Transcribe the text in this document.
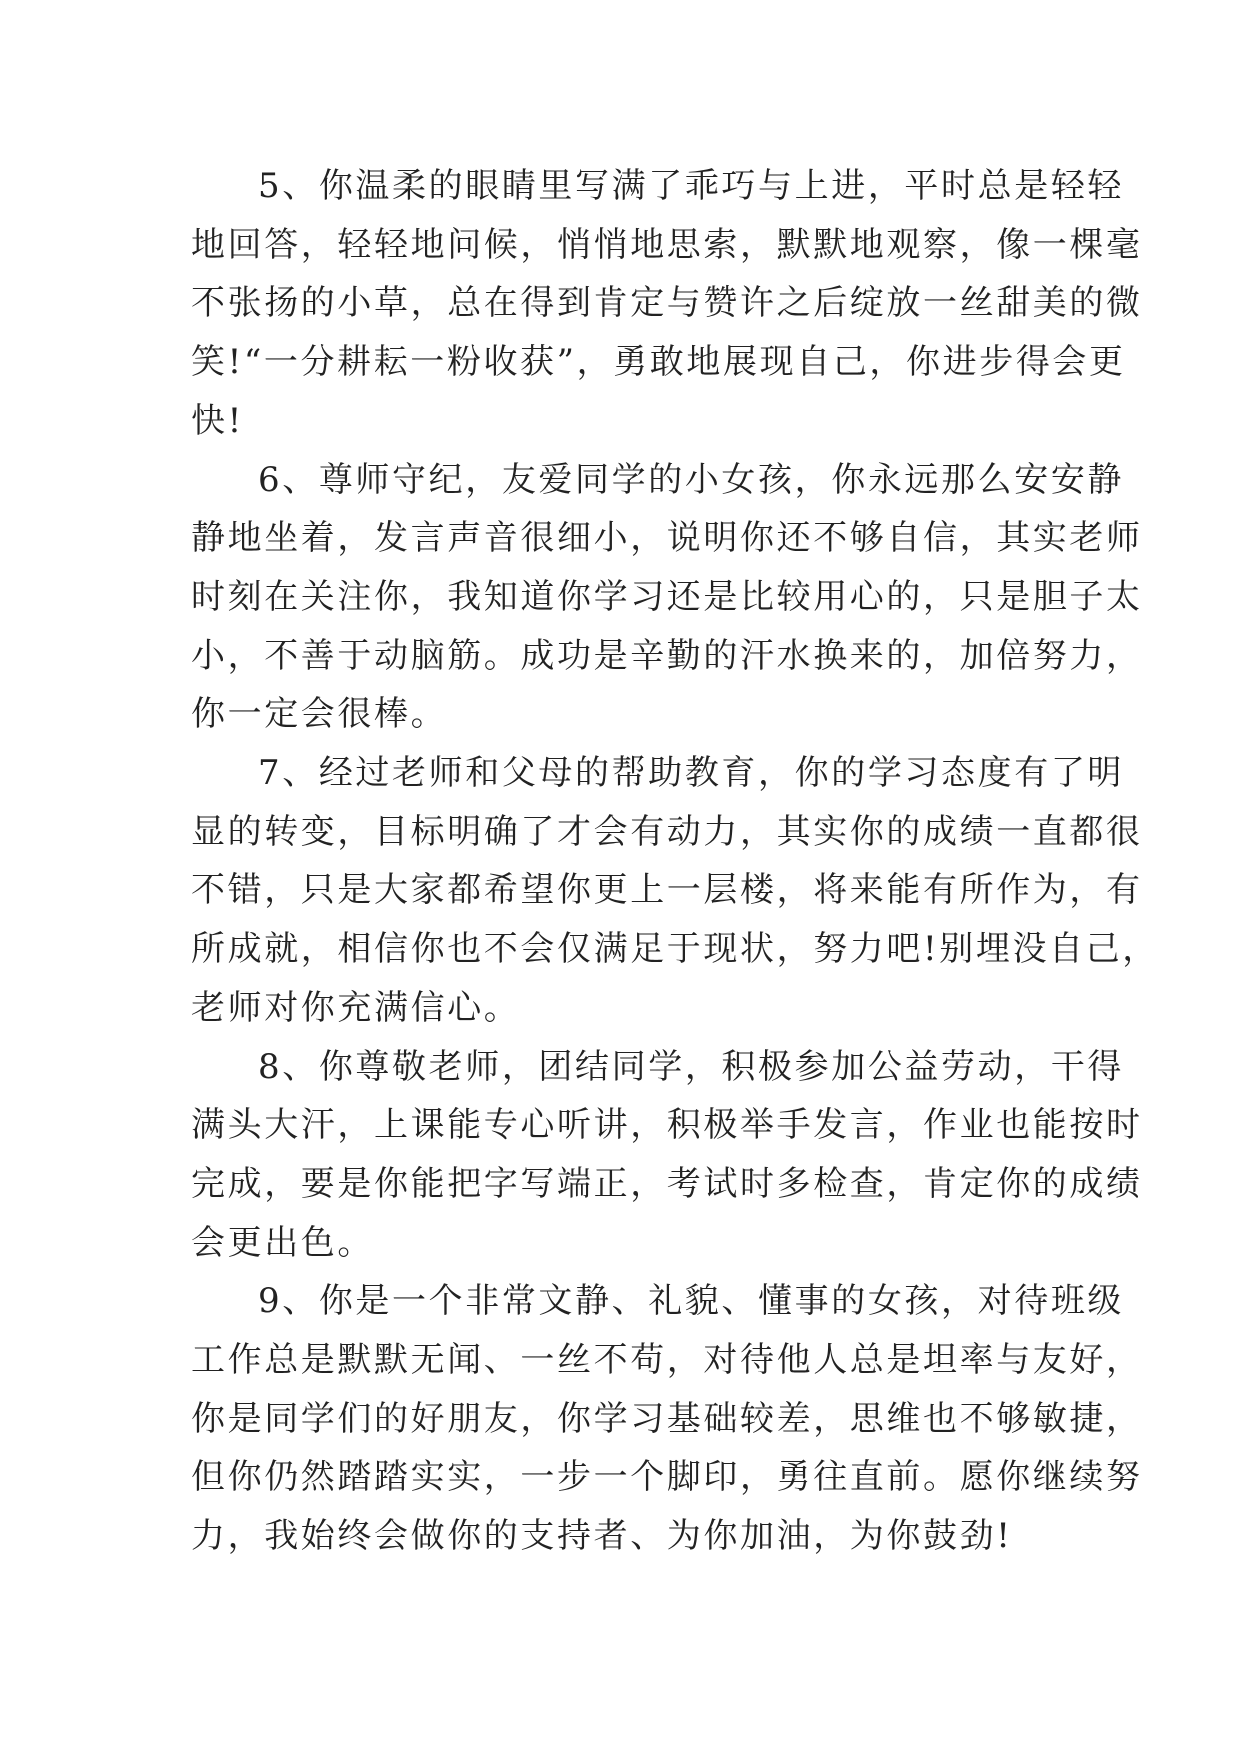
5、你温柔的眼睛里写满了乖巧与上进，平时总是轻轻
地回答，轻轻地问候，悄悄地思索，默默地观察，像一棵毫
不张扬的小草，总在得到肯定与赞许之后绽放一丝甜美的微
笑!“一分耕耘一粉收获”，勇敢地展现自己，你进步得会更
快!

6、尊师守纪，友爱同学的小女孩，你永远那么安安静
静地坐着，发言声音很细小，说明你还不够自信，其实老师
时刻在关注你，我知道你学习还是比较用心的，只是胆子太
小，不善于动脑筋。成功是辛勤的汗水换来的，加倍努力，
你一定会很棒。

7、经过老师和父母的帮助教育，你的学习态度有了明
显的转变，目标明确了才会有动力，其实你的成绩一直都很
不错，只是大家都希望你更上一层楼，将来能有所作为，有
所成就，相信你也不会仅满足于现状，努力吧!别埋没自己，
老师对你充满信心。

8、你尊敬老师，团结同学，积极参加公益劳动，干得
满头大汗，上课能专心听讲，积极举手发言，作业也能按时
完成，要是你能把字写端正，考试时多检查，肯定你的成绩
会更出色。

9、你是一个非常文静、礼貌、懂事的女孩，对待班级
工作总是默默无闻、一丝不苟，对待他人总是坦率与友好，
你是同学们的好朋友，你学习基础较差，思维也不够敏捷，
但你仍然踏踏实实，一步一个脚印，勇往直前。愿你继续努
力，我始终会做你的支持者、为你加油，为你鼓劲!
